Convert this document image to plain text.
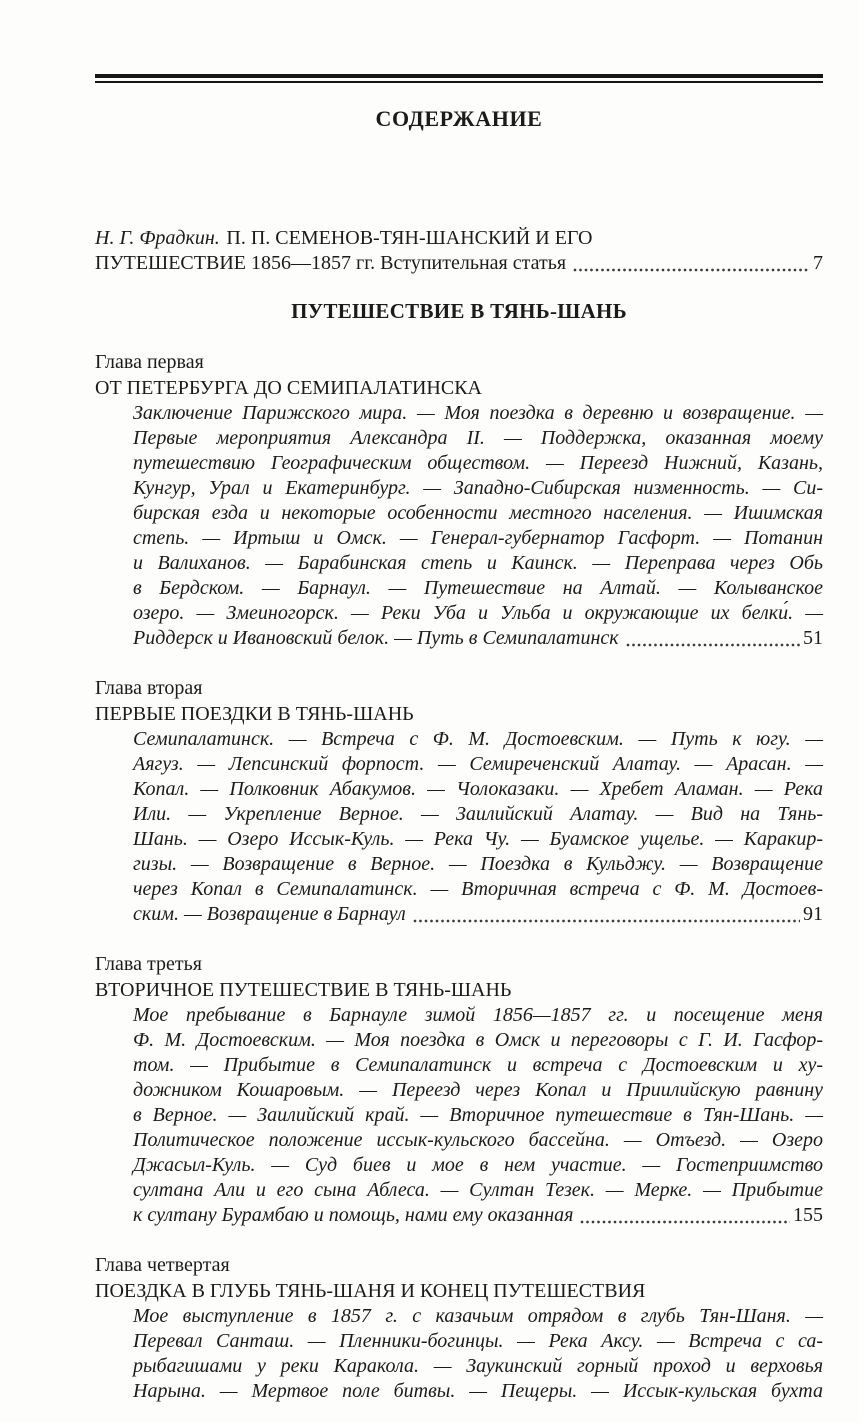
СОДЕРЖАНИЕ
Н. Г. Фрадкин. П. П. СЕМЕНОВ-ТЯН-ШАНСКИЙ И ЕГО
ПУТЕШЕСТВИЕ 1856—1857 гг. Вступительная статья	7
ПУТЕШЕСТВИЕ В ТЯНЬ-ШАНЬ
Глава первая
ОТ ПЕТЕРБУРГА ДО СЕМИПАЛАТИНСКА
Заключение Парижского мира. — Моя поездка в деревню и возвращение. —
Первые мероприятия Александра II. — Поддержка, оказанная моему
путешествию Географическим обществом. — Переезд Нижний, Казань,
Кунгур, Урал и Екатеринбург. — Западно-Сибирская низменность. — Си-
бирская езда и некоторые особенности местного населения. — Ишимская
степь. — Иртыш и Омск. — Генерал-губернатор Гасфорт. — Потанин
и Валиханов. — Барабинская степь и Каинск. — Переправа через Обь
в Бердском. — Барнаул. — Путешествие на Алтай. — Колыванское
озеро. — Змеиногорск. — Реки Уба и Ульба и окружающие их белки́. —
Риддерск и Ивановский белок. — Путь в Семипалатинск	51
Глава вторая
ПЕРВЫЕ ПОЕЗДКИ В ТЯНЬ-ШАНЬ
Семипалатинск. — Встреча с Ф. М. Достоевским. — Путь к югу. —
Аягуз. — Лепсинский форпост. — Семиреченский Алатау. — Арасан. —
Копал. — Полковник Абакумов. — Чолоказаки. — Хребет Аламан. — Река
Или. — Укрепление Верное. — Заилийский Алатау. — Вид на Тянь-
Шань. — Озеро Иссык-Куль. — Река Чу. — Буамское ущелье. — Каракир-
гизы. — Возвращение в Верное. — Поездка в Кульджу. — Возвращение
через Копал в Семипалатинск. — Вторичная встреча с Ф. М. Достоев-
ским. — Возвращение в Барнаул	91
Глава третья
ВТОРИЧНОЕ ПУТЕШЕСТВИЕ В ТЯНЬ-ШАНЬ
Мое пребывание в Барнауле зимой 1856—1857 гг. и посещение меня
Ф. М. Достоевским. — Моя поездка в Омск и переговоры с Г. И. Гасфор-
том. — Прибытие в Семипалатинск и встреча с Достоевским и ху-
дожником Кошаровым. — Переезд через Копал и Приилийскую равнину
в Верное. — Заилийский край. — Вторичное путешествие в Тян-Шань. —
Политическое положение иссык-кульского бассейна. — Отъезд. — Озеро
Джасыл-Куль. — Суд биев и мое в нем участие. — Гостеприимство
султана Али и его сына Аблеса. — Султан Тезек. — Мерке. — Прибытие
к султану Бурамбаю и помощь, нами ему оказанная	155
Глава четвертая
ПОЕЗДКА В ГЛУБЬ ТЯНЬ-ШАНЯ И КОНЕЦ ПУТЕШЕСТВИЯ
Мое выступление в 1857 г. с казачьим отрядом в глубь Тян-Шаня. —
Перевал Санташ. — Пленники-богинцы. — Река Аксу. — Встреча с са-
рыбагишами у реки Каракола. — Заукинский горный проход и верховья
Нарына. — Мертвое поле битвы. — Пещеры. — Иссык-кульская бухта
